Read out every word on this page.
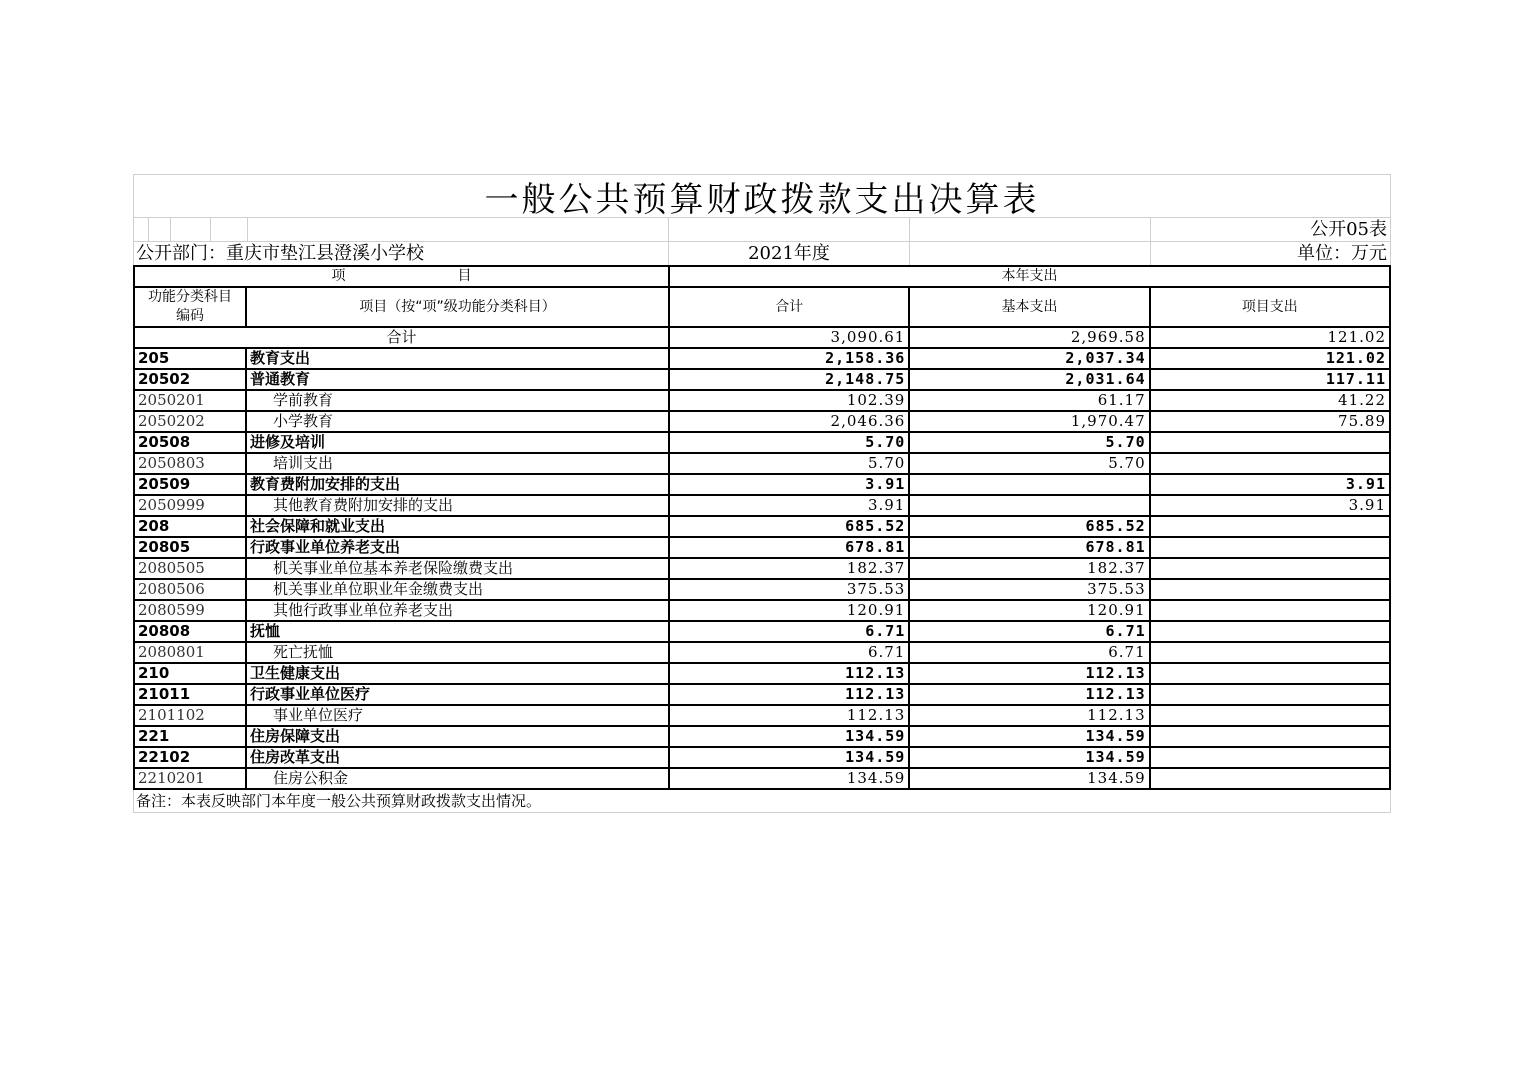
一般公共预算财政拨款支出决算表
公开05表
公开部门：重庆市垫江县澄溪小学校	2021年度	单位：万元
项　　　　　　　　目		本年支出		
功能分类科目编码	项目（按“项”级功能分类科目）	合计	基本支出	项目支出
合计		3,090.61	2,969.58	121.02
205	教育支出	2,158.36	2,037.34	121.02
20502	普通教育	2,148.75	2,031.64	117.11
2050201	学前教育	102.39	61.17	41.22
2050202	小学教育	2,046.36	1,970.47	75.89
20508	进修及培训	5.70	5.70	
2050803	培训支出	5.70	5.70	
20509	教育费附加安排的支出	3.91		3.91
2050999	其他教育费附加安排的支出	3.91		3.91
208	社会保障和就业支出	685.52	685.52	
20805	行政事业单位养老支出	678.81	678.81	
2080505	机关事业单位基本养老保险缴费支出	182.37	182.37	
2080506	机关事业单位职业年金缴费支出	375.53	375.53	
2080599	其他行政事业单位养老支出	120.91	120.91	
20808	抚恤	6.71	6.71	
2080801	死亡抚恤	6.71	6.71	
210	卫生健康支出	112.13	112.13	
21011	行政事业单位医疗	112.13	112.13	
2101102	事业单位医疗	112.13	112.13	
221	住房保障支出	134.59	134.59	
22102	住房改革支出	134.59	134.59	
2210201	住房公积金	134.59	134.59	
备注：本表反映部门本年度一般公共预算财政拨款支出情况。
